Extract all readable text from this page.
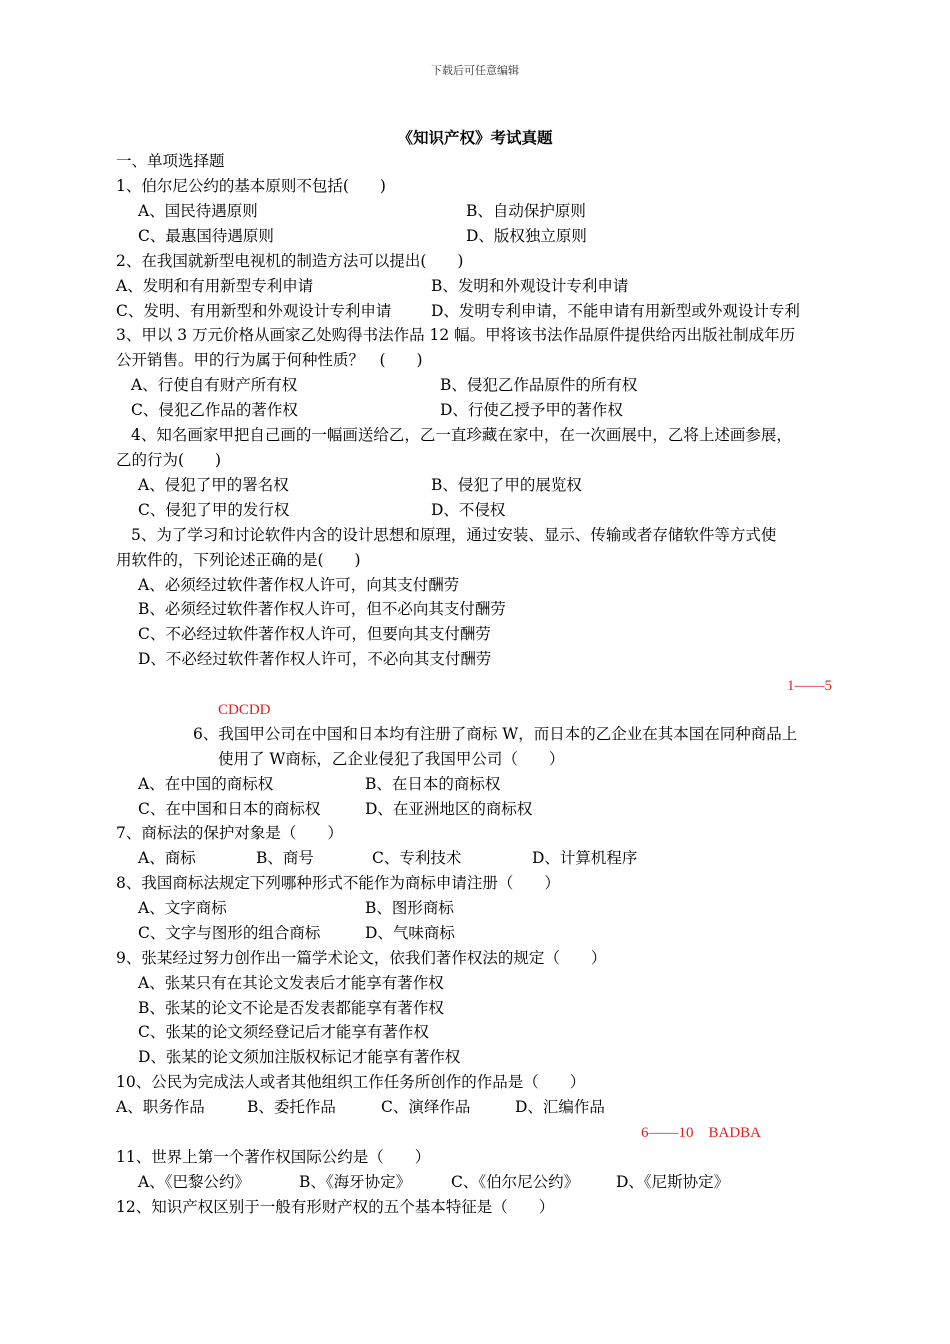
下载后可任意编辑
《知识产权》考试真题
一、单项选择题
1、伯尔尼公约的基本原则不包括(　　)
A、国民待遇原则	B、自动保护原则
C、最惠国待遇原则	D、版权独立原则
2、在我国就新型电视机的制造方法可以提出(　　)
A、发明和有用新型专利申请	B、发明和外观设计专利申请
C、发明、有用新型和外观设计专利申请	D、发明专利申请，不能申请有用新型或外观设计专利
3、甲以 3 万元价格从画家乙处购得书法作品 12 幅。甲将该书法作品原件提供给丙出版社制成年历
公开销售。甲的行为属于何种性质？　(　　)
A、行使自有财产所有权	B、侵犯乙作品原件的所有权
C、侵犯乙作品的著作权	D、行使乙授予甲的著作权
4、知名画家甲把自己画的一幅画送给乙，乙一直珍藏在家中，在一次画展中，乙将上述画参展，
乙的行为(　　)
A、侵犯了甲的署名权	B、侵犯了甲的展览权
C、侵犯了甲的发行权	D、不侵权
5、为了学习和讨论软件内含的设计思想和原理，通过安装、显示、传输或者存储软件等方式使
用软件的，下列论述正确的是(　　)
A、必须经过软件著作权人许可，向其支付酬劳
B、必须经过软件著作权人许可，但不必向其支付酬劳
C、不必经过软件著作权人许可，但要向其支付酬劳
D、不必经过软件著作权人许可，不必向其支付酬劳
1——5
CDCDD
6、我国甲公司在中国和日本均有注册了商标 W，而日本的乙企业在其本国在同种商品上
使用了 W商标，乙企业侵犯了我国甲公司（　　）
A、在中国的商标权	B、在日本的商标权
C、在中国和日本的商标权	D、在亚洲地区的商标权
7、商标法的保护对象是（　　）
A、商标	B、商号	C、专利技术	D、计算机程序
8、我国商标法规定下列哪种形式不能作为商标申请注册（　　）
A、文字商标	B、图形商标
C、文字与图形的组合商标	D、气味商标
9、张某经过努力创作出一篇学术论文，依我们著作权法的规定（　　）
A、张某只有在其论文发表后才能享有著作权
B、张某的论文不论是否发表都能享有著作权
C、张某的论文须经登记后才能享有著作权
D、张某的论文须加注版权标记才能享有著作权
10、公民为完成法人或者其他组织工作任务所创作的作品是（　　）
A、职务作品	B、委托作品	C、演绎作品	D、汇编作品
6——10　BADBA
11、世界上第一个著作权国际公约是（　　）
A、《巴黎公约》	B、《海牙协定》	C、《伯尔尼公约》 D、《尼斯协定》
12、知识产权区别于一般有形财产权的五个基本特征是（　　）
